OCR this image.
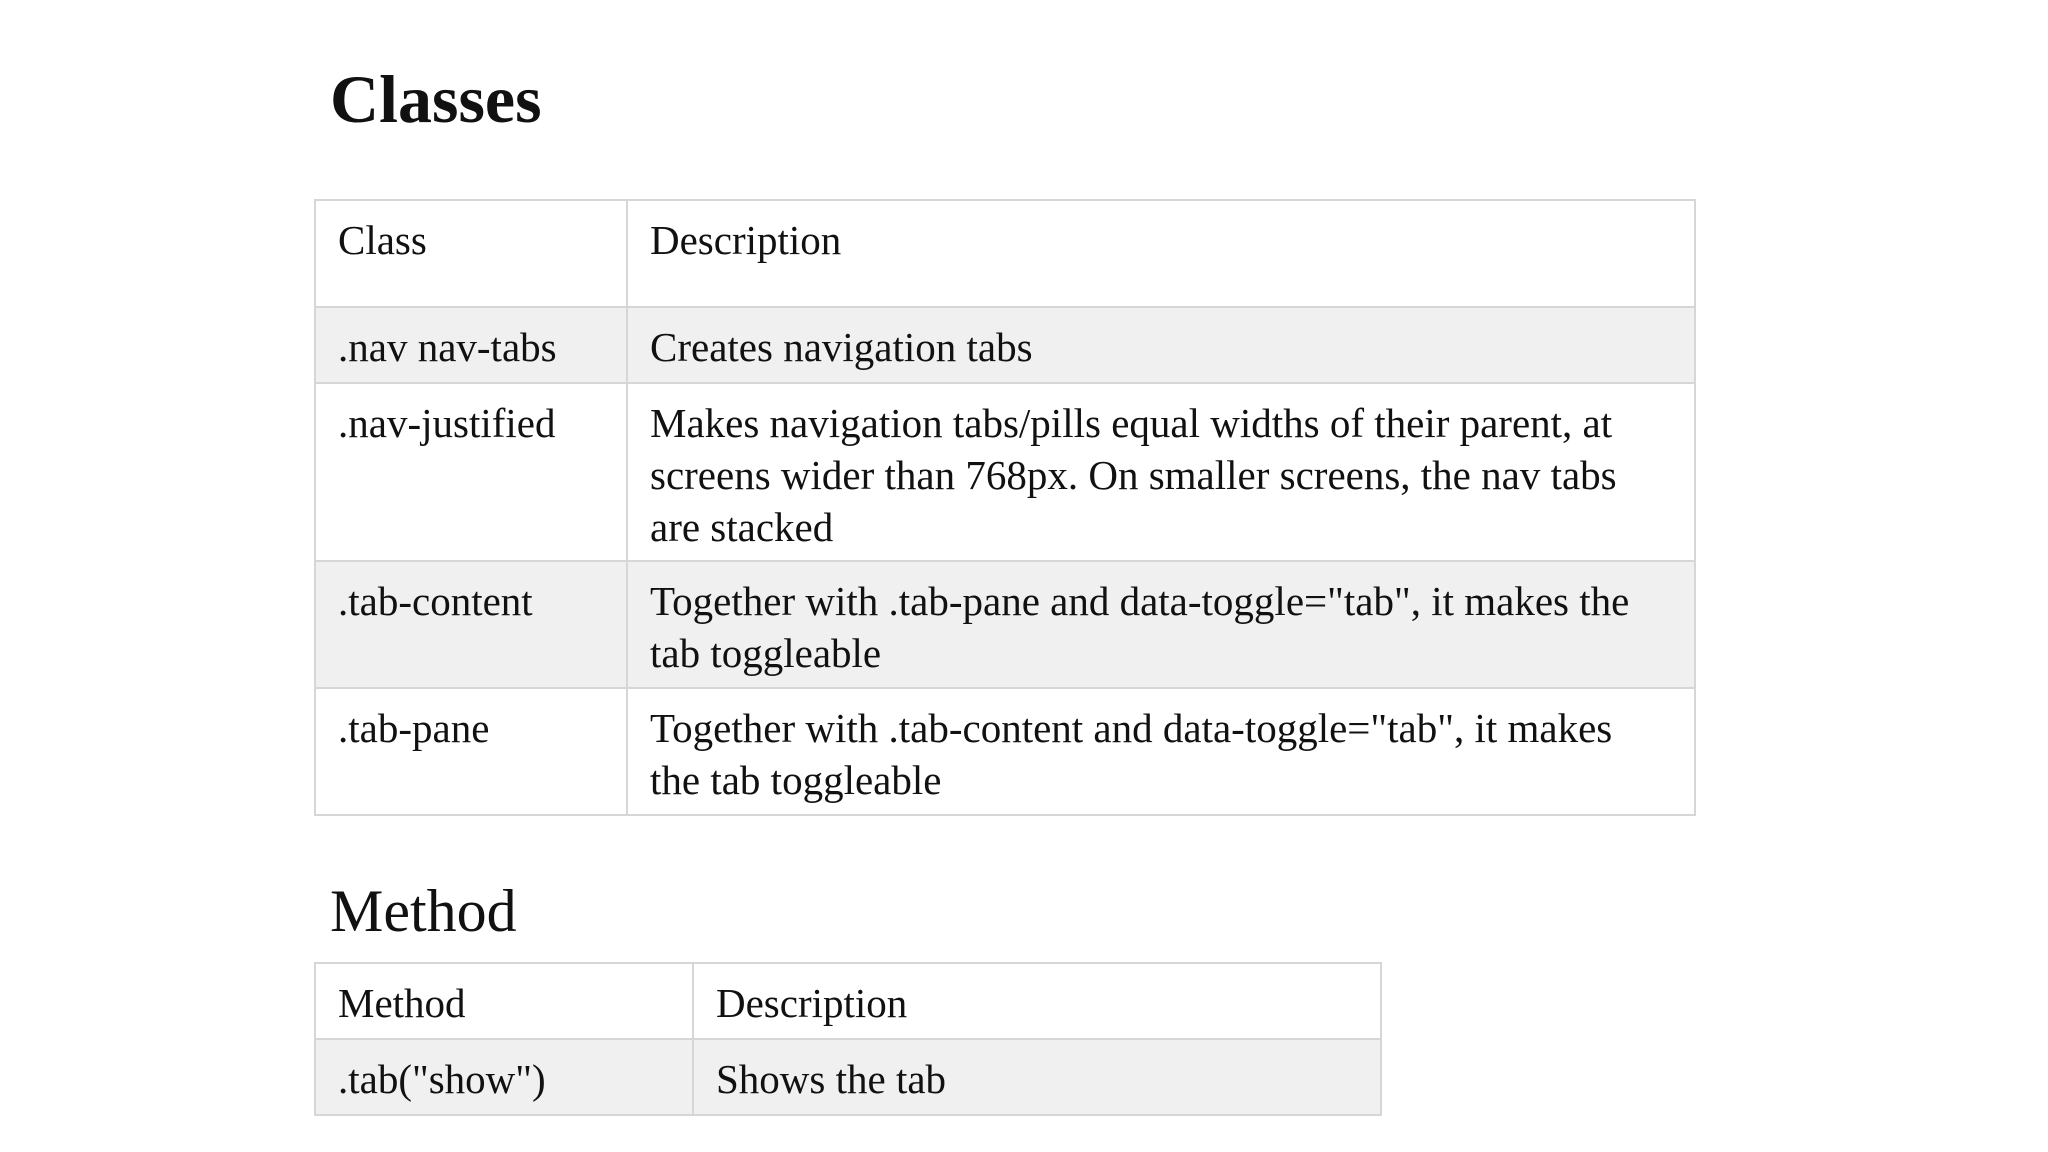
Classes
Class	Description
.nav nav-tabs	Creates navigation tabs
.nav-justified	Makes navigation tabs/pills equal widths of their parent, at screens wider than 768px. On smaller screens, the nav tabs are stacked
.tab-content	Together with .tab-pane and data-toggle="tab", it makes the tab toggleable
.tab-pane	Together with .tab-content and data-toggle="tab", it makes the tab toggleable
Method
Method	Description
.tab("show")	Shows the tab
